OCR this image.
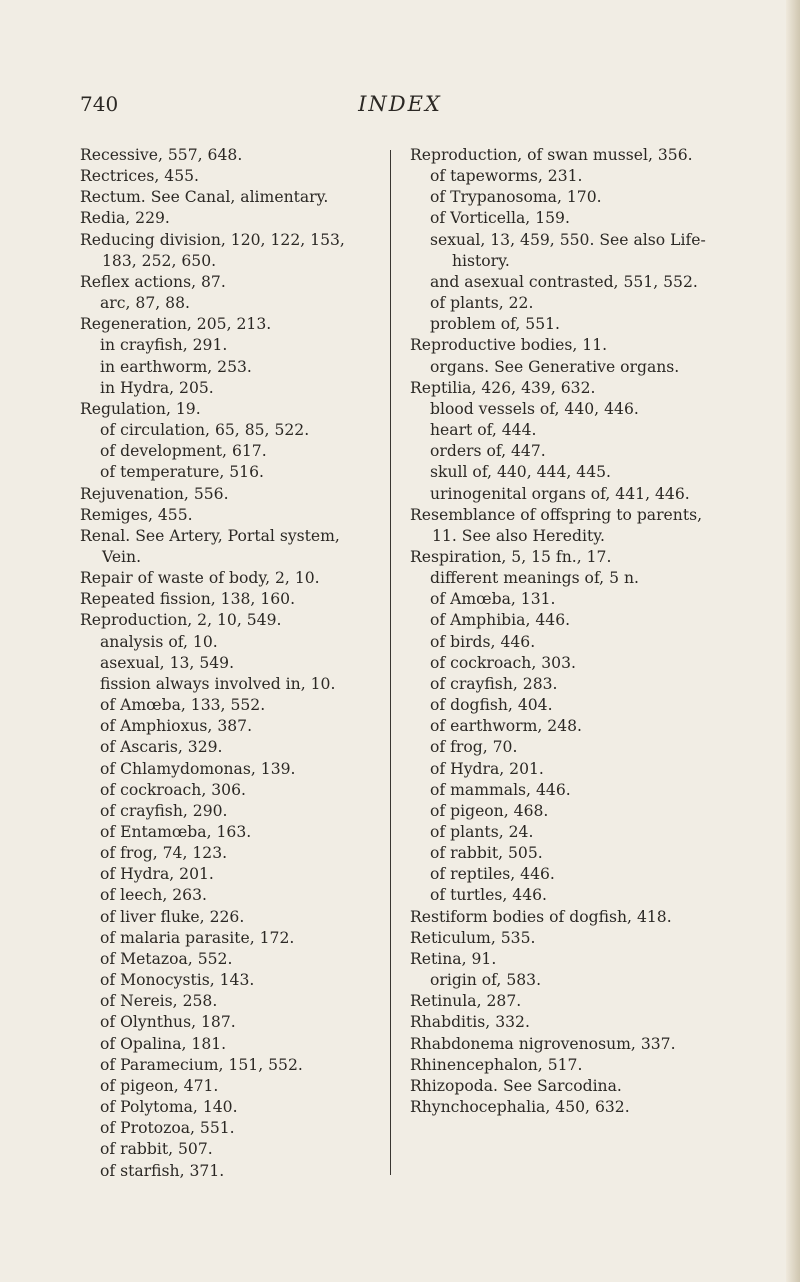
740	INDEX
Recessive, 557, 648.
Rectrices, 455.
Rectum. See Canal, alimentary.
Redia, 229.
Reducing division, 120, 122, 153, 183, 252, 650.
Reflex actions, 87.
arc, 87, 88.
Regeneration, 205, 213.
in crayfish, 291.
in earthworm, 253.
in Hydra, 205.
Regulation, 19.
of circulation, 65, 85, 522.
of development, 617.
of temperature, 516.
Rejuvenation, 556.
Remiges, 455.
Renal. See Artery, Portal system, Vein.
Repair of waste of body, 2, 10.
Repeated fission, 138, 160.
Reproduction, 2, 10, 549.
analysis of, 10.
asexual, 13, 549.
fission always involved in, 10.
of Amœba, 133, 552.
of Amphioxus, 387.
of Ascaris, 329.
of Chlamydomonas, 139.
of cockroach, 306.
of crayfish, 290.
of Entamœba, 163.
of frog, 74, 123.
of Hydra, 201.
of leech, 263.
of liver fluke, 226.
of malaria parasite, 172.
of Metazoa, 552.
of Monocystis, 143.
of Nereis, 258.
of Olynthus, 187.
of Opalina, 181.
of Paramecium, 151, 552.
of pigeon, 471.
of Polytoma, 140.
of Protozoa, 551.
of rabbit, 507.
of starfish, 371.
Reproduction, of swan mussel, 356.
of tapeworms, 231.
of Trypanosoma, 170.
of Vorticella, 159.
sexual, 13, 459, 550. See also Life-history.
and asexual contrasted, 551, 552.
of plants, 22.
problem of, 551.
Reproductive bodies, 11.
organs. See Generative organs.
Reptilia, 426, 439, 632.
blood vessels of, 440, 446.
heart of, 444.
orders of, 447.
skull of, 440, 444, 445.
urinogenital organs of, 441, 446.
Resemblance of offspring to parents, 11. See also Heredity.
Respiration, 5, 15 fn., 17.
different meanings of, 5 n.
of Amœba, 131.
of Amphibia, 446.
of birds, 446.
of cockroach, 303.
of crayfish, 283.
of dogfish, 404.
of earthworm, 248.
of frog, 70.
of Hydra, 201.
of mammals, 446.
of pigeon, 468.
of plants, 24.
of rabbit, 505.
of reptiles, 446.
of turtles, 446.
Restiform bodies of dogfish, 418.
Reticulum, 535.
Retina, 91.
origin of, 583.
Retinula, 287.
Rhabditis, 332.
Rhabdonema nigrovenosum, 337.
Rhinencephalon, 517.
Rhizopoda. See Sarcodina.
Rhynchocephalia, 450, 632.
